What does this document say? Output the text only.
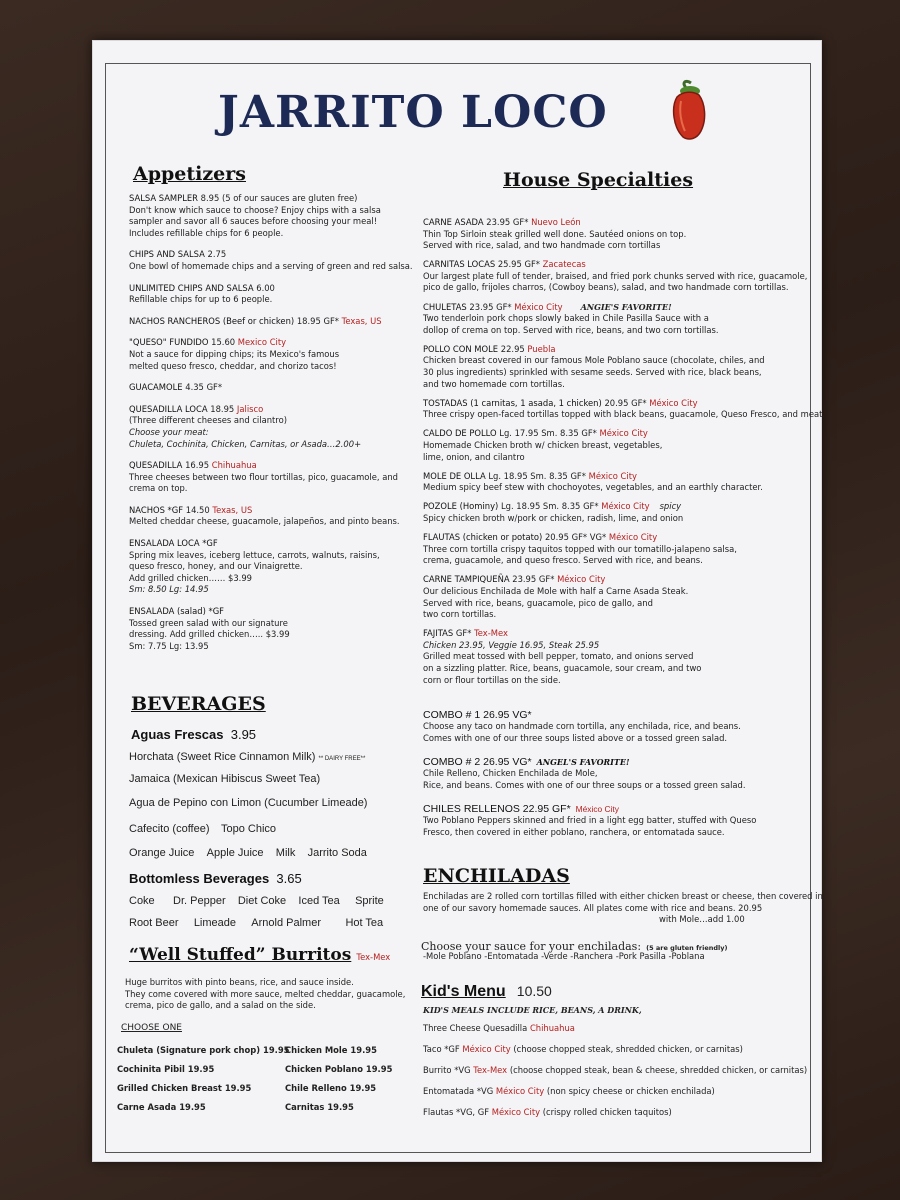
JARRITO LOCO
Appetizers
SALSA SAMPLER 8.95 (5 of our sauces are gluten free)
Don't know which sauce to choose? Enjoy chips with a salsa
sampler and savor all 6 sauces before choosing your meal!
Includes refillable chips for 6 people.
CHIPS AND SALSA 2.75
One bowl of homemade chips and a serving of green and red salsa.
UNLIMITED CHIPS AND SALSA 6.00
Refillable chips for up to 6 people.
NACHOS RANCHEROS (Beef or chicken) 18.95 GF* Texas, US
"QUESO" FUNDIDO 15.60 Mexico City
Not a sauce for dipping chips; its Mexico's famous
melted queso fresco, cheddar, and chorizo tacos!
GUACAMOLE 4.35 GF*
QUESADILLA LOCA 18.95 Jalisco
(Three different cheeses and cilantro)
Choose your meat:
Chuleta, Cochinita, Chicken, Carnitas, or Asada…2.00+
QUESADILLA 16.95 Chihuahua
Three cheeses between two flour tortillas, pico, guacamole, and
crema on top.
NACHOS *GF 14.50 Texas, US
Melted cheddar cheese, guacamole, jalapeños, and pinto beans.
ENSALADA LOCA *GF
Spring mix leaves, iceberg lettuce, carrots, walnuts, raisins,
queso fresco, honey, and our Vinaigrette.
Add grilled chicken…… $3.99
Sm: 8.50 Lg: 14.95
ENSALADA (salad) *GF
Tossed green salad with our signature
dressing. Add grilled chicken….. $3.99
Sm: 7.75 Lg: 13.95
BEVERAGES
Aguas Frescas 3.95
Horchata (Sweet Rice Cinnamon Milk) ** DAIRY FREE**
Jamaica (Mexican Hibiscus Sweet Tea)
Agua de Pepino con Limon (Cucumber Limeade)
Cafecito (coffee) Topo Chico
Orange Juice Apple Juice Milk Jarrito Soda
Bottomless Beverages 3.65
Coke Dr. Pepper Diet Coke Iced Tea Sprite
Root Beer Limeade Arnold Palmer Hot Tea
“Well Stuffed” Burritos Tex-Mex
Huge burritos with pinto beans, rice, and sauce inside.
They come covered with more sauce, melted cheddar, guacamole,
crema, pico de gallo, and a salad on the side.
CHOOSE ONE
Chuleta (Signature pork chop) 19.95
Cochinita Pibil 19.95
Grilled Chicken Breast 19.95
Carne Asada 19.95
Chicken Mole 19.95
Chicken Poblano 19.95
Chile Relleno 19.95
Carnitas 19.95
House Specialties
CARNE ASADA 23.95 GF* Nuevo León
Thin Top Sirloin steak grilled well done. Sautéed onions on top.
Served with rice, salad, and two handmade corn tortillas
CARNITAS LOCAS 25.95 GF* Zacatecas
Our largest plate full of tender, braised, and fried pork chunks served with rice, guacamole,
pico de gallo, frijoles charros, (Cowboy beans), salad, and two handmade corn tortillas.
CHULETAS 23.95 GF* México City ANGIE'S FAVORITE!
Two tenderloin pork chops slowly baked in Chile Pasilla Sauce with a
dollop of crema on top. Served with rice, beans, and two corn tortillas.
POLLO CON MOLE 22.95 Puebla
Chicken breast covered in our famous Mole Poblano sauce (chocolate, chiles, and
30 plus ingredients) sprinkled with sesame seeds. Served with rice, black beans,
and two homemade corn tortillas.
TOSTADAS (1 carnitas, 1 asada, 1 chicken) 20.95 GF* México City
Three crispy open-faced tortillas topped with black beans, guacamole, Queso Fresco, and meat.
CALDO DE POLLO Lg. 17.95 Sm. 8.35 GF* México City
Homemade Chicken broth w/ chicken breast, vegetables,
lime, onion, and cilantro
MOLE DE OLLA Lg. 18.95 Sm. 8.35 GF* México City
Medium spicy beef stew with chochoyotes, vegetables, and an earthly character.
POZOLE (Hominy) Lg. 18.95 Sm. 8.35 GF* México City spicy
Spicy chicken broth w/pork or chicken, radish, lime, and onion
FLAUTAS (chicken or potato) 20.95 GF* VG* México City
Three corn tortilla crispy taquitos topped with our tomatillo-jalapeno salsa,
crema, guacamole, and queso fresco. Served with rice, and beans.
CARNE TAMPIQUEÑA 23.95 GF* México City
Our delicious Enchilada de Mole with half a Carne Asada Steak.
Served with rice, beans, guacamole, pico de gallo, and
two corn tortillas.
FAJITAS GF* Tex-Mex
Chicken 23.95, Veggie 16.95, Steak 25.95
Grilled meat tossed with bell pepper, tomato, and onions served
on a sizzling platter. Rice, beans, guacamole, sour cream, and two
corn or flour tortillas on the side.
COMBO # 1 26.95 VG*
Choose any taco on handmade corn tortilla, any enchilada, rice, and beans.
Comes with one of our three soups listed above or a tossed green salad.
COMBO # 2 26.95 VG* ANGEL'S FAVORITE!
Chile Relleno, Chicken Enchilada de Mole,
Rice, and beans. Comes with one of our three soups or a tossed green salad.
CHILES RELLENOS 22.95 GF* México City
Two Poblano Peppers skinned and fried in a light egg batter, stuffed with Queso
Fresco, then covered in either poblano, ranchera, or entomatada sauce.
ENCHILADAS
Enchiladas are 2 rolled corn tortillas filled with either chicken breast or cheese, then covered in
one of our savory homemade sauces. All plates come with rice and beans. 20.95
with Mole…add 1.00
Choose your sauce for your enchiladas: (5 are gluten friendly)
-Mole Poblano -Entomatada -Verde -Ranchera -Pork Pasilla -Poblana
Kid's Menu 10.50
KID'S MEALS INCLUDE RICE, BEANS, A DRINK,
Three Cheese Quesadilla Chihuahua
Taco *GF México City (choose chopped steak, shredded chicken, or carnitas)
Burrito *VG Tex-Mex (choose chopped steak, bean & cheese, shredded chicken, or carnitas)
Entomatada *VG México City (non spicy cheese or chicken enchilada)
Flautas *VG, GF México City (crispy rolled chicken taquitos)
